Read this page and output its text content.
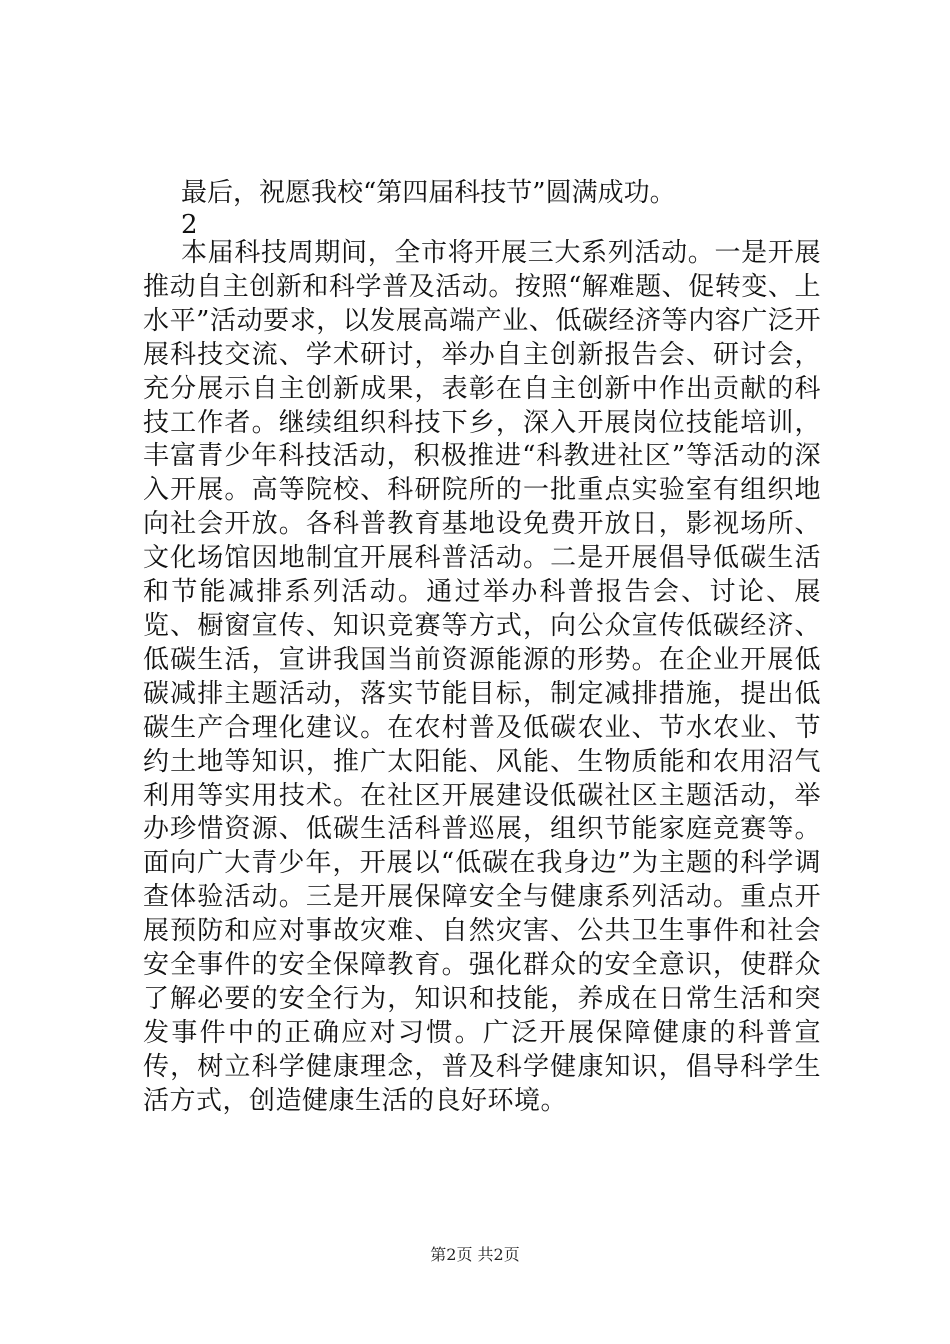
最后，祝愿我校“第四届科技节”圆满成功。
2

本届科技周期间，全市将开展三大系列活动。一是开展推动自主创新和科学普及活动。按照“解难题、促转变、上水平”活动要求，以发展高端产业、低碳经济等内容广泛开展科技交流、学术研讨，举办自主创新报告会、研讨会，充分展示自主创新成果，表彰在自主创新中作出贡献的科技工作者。继续组织科技下乡，深入开展岗位技能培训，丰富青少年科技活动，积极推进“科教进社区”等活动的深入开展。高等院校、科研院所的一批重点实验室有组织地向社会开放。各科普教育基地设免费开放日，影视场所、文化场馆因地制宜开展科普活动。二是开展倡导低碳生活和节能减排系列活动。通过举办科普报告会、讨论、展览、橱窗宣传、知识竞赛等方式，向公众宣传低碳经济、低碳生活，宣讲我国当前资源能源的形势。在企业开展低碳减排主题活动，落实节能目标，制定减排措施，提出低碳生产合理化建议。在农村普及低碳农业、节水农业、节约土地等知识，推广太阳能、风能、生物质能和农用沼气利用等实用技术。在社区开展建设低碳社区主题活动，举办珍惜资源、低碳生活科普巡展，组织节能家庭竞赛等。面向广大青少年，开展以“低碳在我身边”为主题的科学调查体验活动。三是开展保障安全与健康系列活动。重点开展预防和应对事故灾难、自然灾害、公共卫生事件和社会安全事件的安全保障教育。强化群众的安全意识，使群众了解必要的安全行为，知识和技能，养成在日常生活和突发事件中的正确应对习惯。广泛开展保障健康的科普宣传，树立科学健康理念，普及科学健康知识，倡导科学生活方式，创造健康生活的良好环境。

第2页 共2页
